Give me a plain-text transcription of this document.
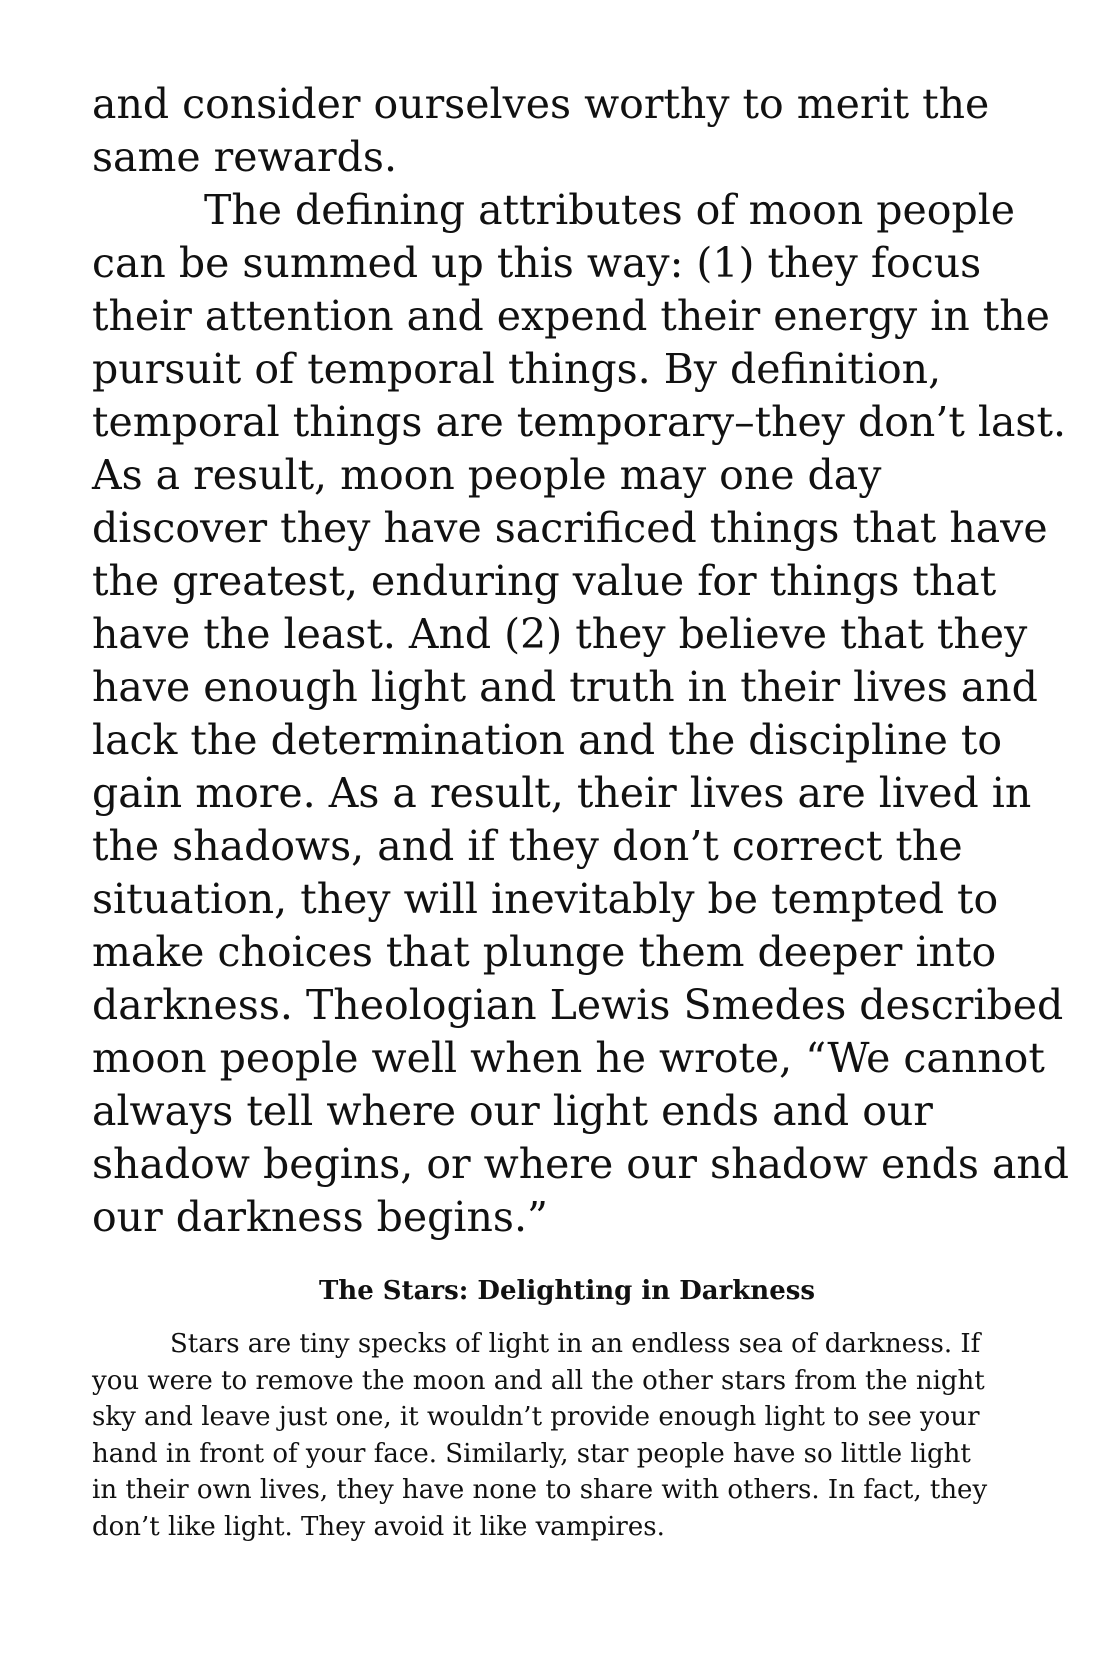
and consider ourselves worthy to merit the

same rewards.

The defining attributes of moon people

can be summed up this way: (1) they focus

their attention and expend their energy in the

pursuit of temporal things. By definition,

temporal things are temporary–they don’t last.

As a result, moon people may one day

discover they have sacrificed things that have

the greatest, enduring value for things that

have the least. And (2) they believe that they

have enough light and truth in their lives and

lack the determination and the discipline to

gain more. As a result, their lives are lived in

the shadows, and if they don’t correct the

situation, they will inevitably be tempted to

make choices that plunge them deeper into

darkness. Theologian Lewis Smedes described

moon people well when he wrote, “We cannot

always tell where our light ends and our

shadow begins, or where our shadow ends and

our darkness begins.”

The Stars: Delighting in Darkness

Stars are tiny specks of light in an endless sea of darkness. If

you were to remove the moon and all the other stars from the night

sky and leave just one, it wouldn’t provide enough light to see your

hand in front of your face. Similarly, star people have so little light

in their own lives, they have none to share with others. In fact, they

don’t like light. They avoid it like vampires.
